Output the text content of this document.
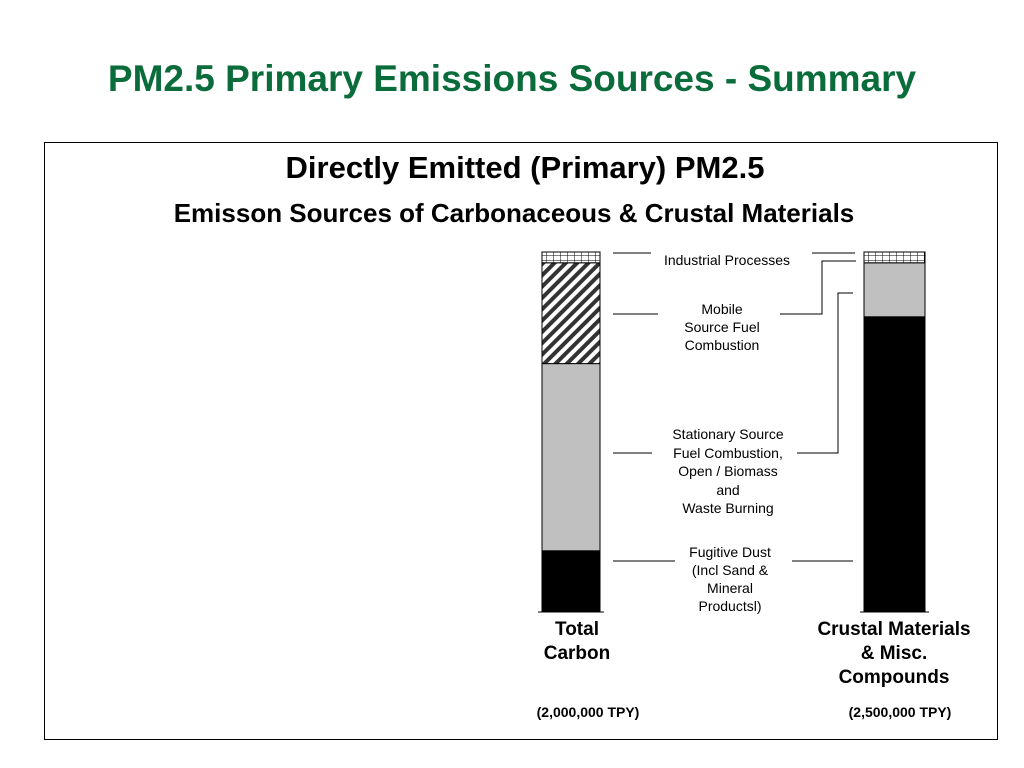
PM2.5 Primary Emissions Sources - Summary
Directly Emitted (Primary) PM2.5
Emisson Sources of Carbonaceous & Crustal Materials
Total
Carbon
Crustal Materials
& Misc.
Compounds
(2,000,000 TPY)	(2,500,000 TPY)
Industrial Processes
Mobile
Source Fuel
Combustion
Stationary Source
Fuel Combustion,
Open / Biomass
and
Waste Burning
Fugitive Dust
(Incl Sand &
Mineral
Productsl)
